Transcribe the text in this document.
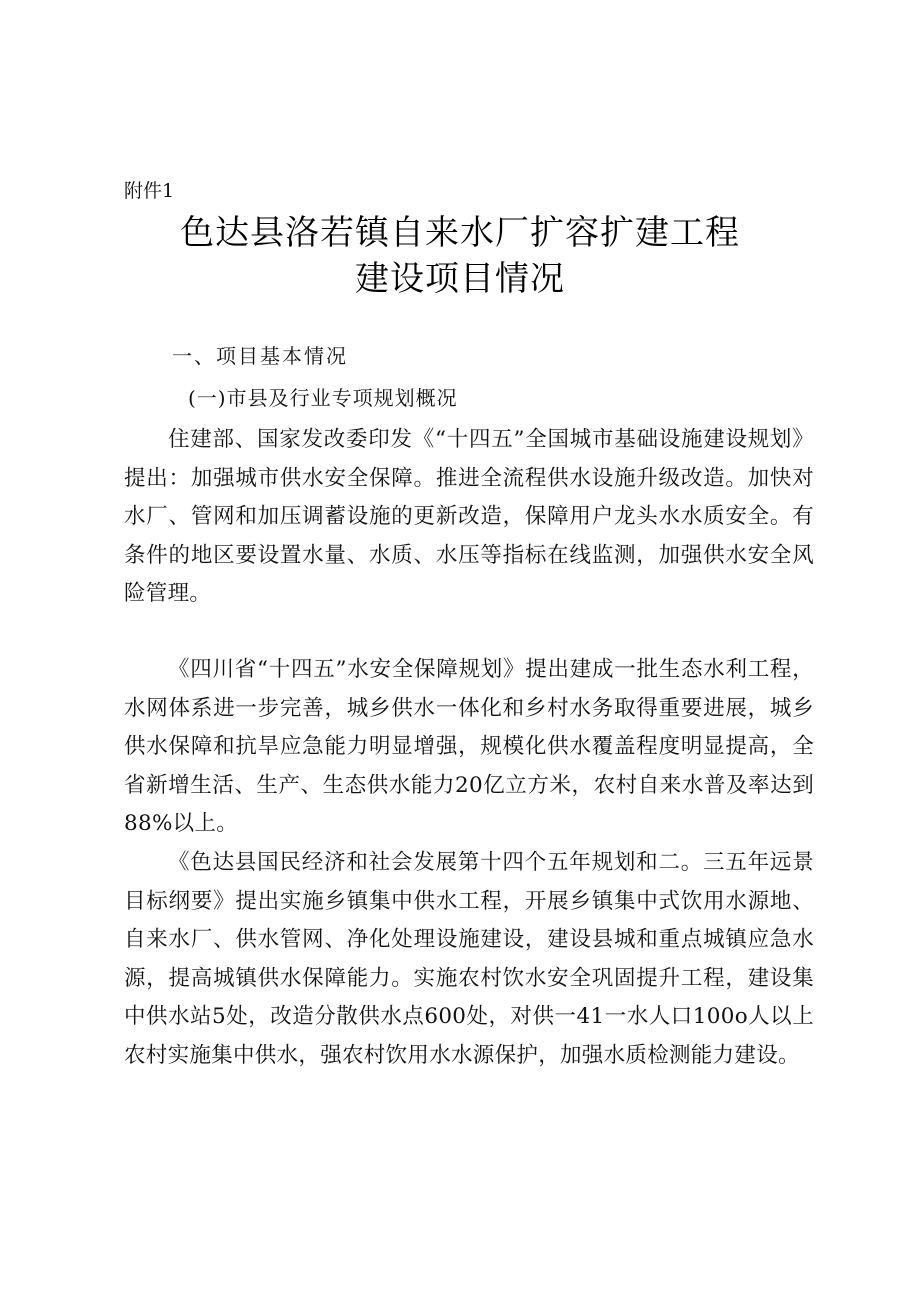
附件1
色达县洛若镇自来水厂扩容扩建工程
建设项目情况
一、项目基本情况
(一)市县及行业专项规划概况

住建部、国家发改委印发《“十四五”全国城市基础设施建设规划》提出：加强城市供水安全保障。推进全流程供水设施升级改造。加快对水厂、管网和加压调蓄设施的更新改造，保障用户龙头水水质安全。有条件的地区要设置水量、水质、水压等指标在线监测，加强供水安全风险管理。

《四川省“十四五”水安全保障规划》提出建成一批生态水利工程，水网体系进一步完善，城乡供水一体化和乡村水务取得重要进展，城乡供水保障和抗旱应急能力明显增强，规模化供水覆盖程度明显提高，全省新增生活、生产、生态供水能力20亿立方米，农村自来水普及率达到88%以上。

《色达县国民经济和社会发展第十四个五年规划和二。三五年远景目标纲要》提出实施乡镇集中供水工程，开展乡镇集中式饮用水源地、自来水厂、供水管网、净化处理设施建设，建设县城和重点城镇应急水源，提高城镇供水保障能力。实施农村饮水安全巩固提升工程，建设集中供水站5处，改造分散供水点600处，对供一41一水人口100o人以上农村实施集中供水，强农村饮用水水源保护，加强水质检测能力建设。
